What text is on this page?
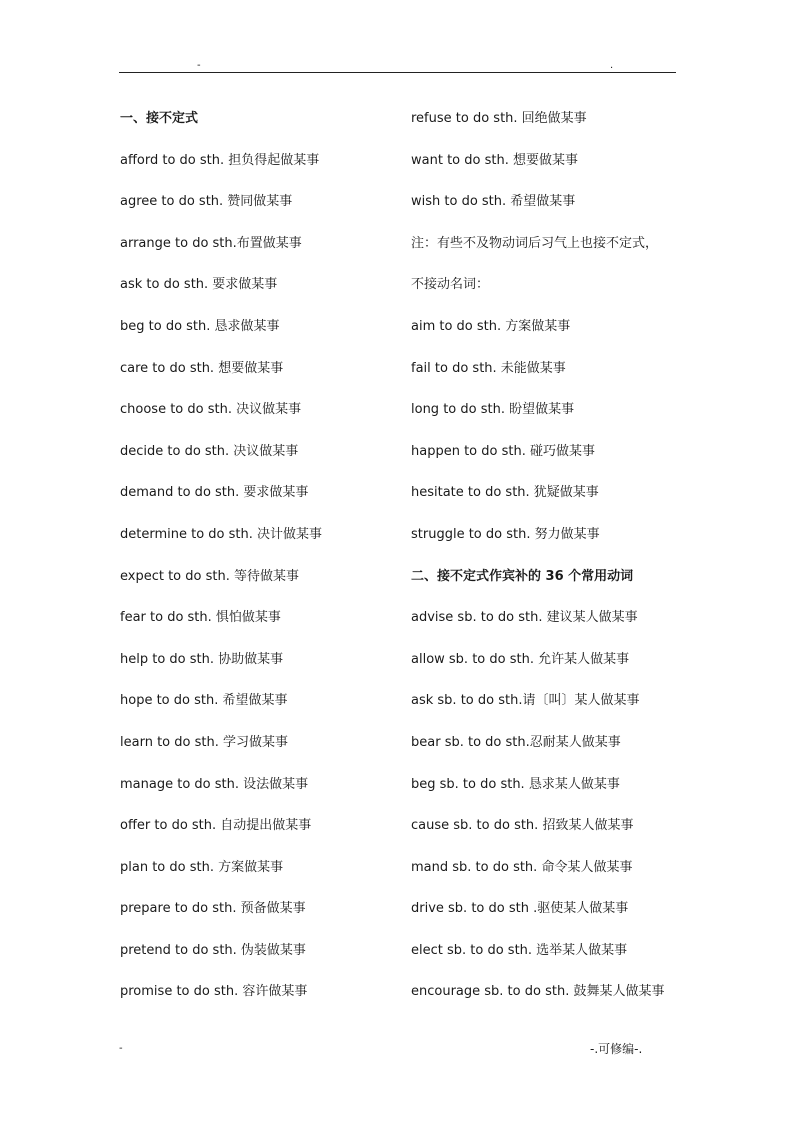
-	.
一、接不定式
afford to do sth. 担负得起做某事
agree to do sth. 赞同做某事
arrange to do sth.布置做某事
ask to do sth. 要求做某事
beg to do sth. 恳求做某事
care to do sth. 想要做某事
choose to do sth. 决议做某事
decide to do sth. 决议做某事
demand to do sth. 要求做某事
determine to do sth. 决计做某事
expect to do sth. 等待做某事
fear to do sth. 惧怕做某事
help to do sth. 协助做某事
hope to do sth. 希望做某事
learn to do sth. 学习做某事
manage to do sth. 设法做某事
offer to do sth. 自动提出做某事
plan to do sth. 方案做某事
prepare to do sth. 预备做某事
pretend to do sth. 伪装做某事
promise to do sth. 容许做某事
refuse to do sth. 回绝做某事
want to do sth. 想要做某事
wish to do sth. 希望做某事
注：有些不及物动词后习气上也接不定式，
不接动名词：
aim to do sth. 方案做某事
fail to do sth. 未能做某事
long to do sth. 盼望做某事
happen to do sth. 碰巧做某事
hesitate to do sth. 犹疑做某事
struggle to do sth. 努力做某事
二、接不定式作宾补的 36 个常用动词
advise sb. to do sth. 建议某人做某事
allow sb. to do sth. 允许某人做某事
ask sb. to do sth.请〔叫〕某人做某事
bear sb. to do sth.忍耐某人做某事
beg sb. to do sth. 恳求某人做某事
cause sb. to do sth. 招致某人做某事
mand sb. to do sth. 命令某人做某事
drive sb. to do sth .驱使某人做某事
elect sb. to do sth. 选举某人做某事
encourage sb. to do sth. 鼓舞某人做某事
-	-.可修编-.
